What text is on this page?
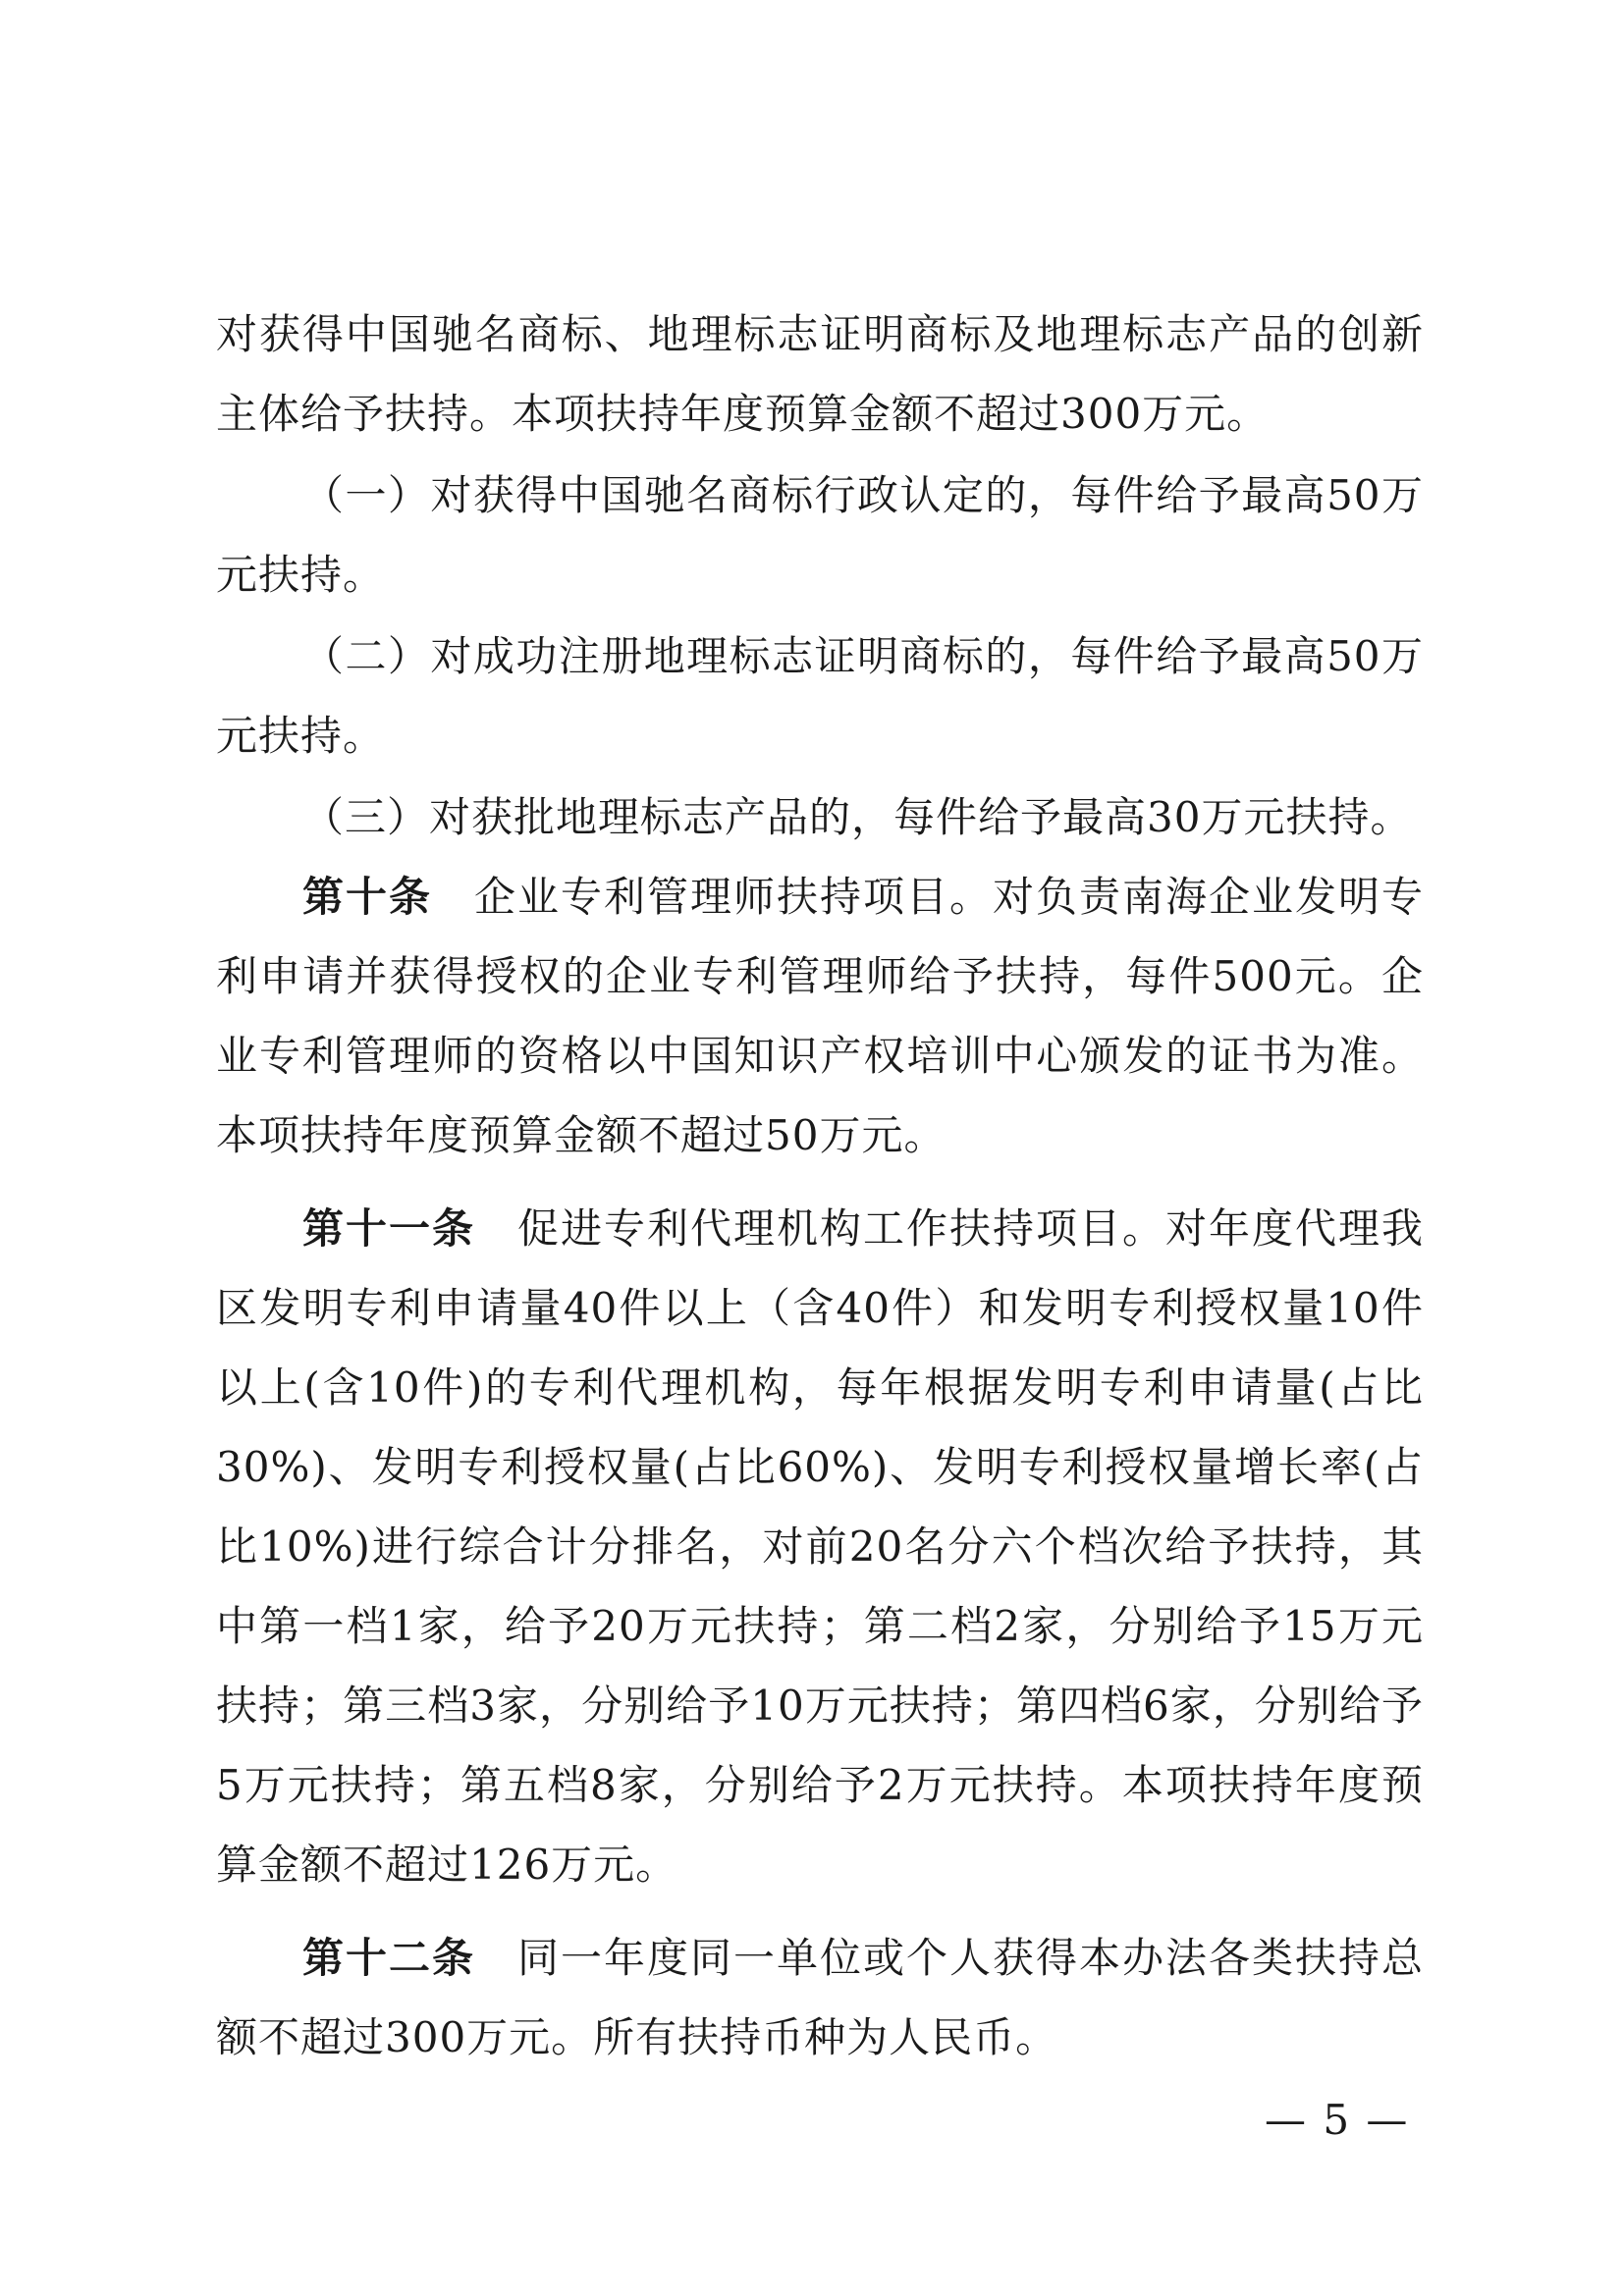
对获得中国驰名商标、地理标志证明商标及地理标志产品的创新主体给予扶持。本项扶持年度预算金额不超过300万元。

（一）对获得中国驰名商标行政认定的，每件给予最高50万元扶持。

（二）对成功注册地理标志证明商标的，每件给予最高50万元扶持。

（三）对获批地理标志产品的，每件给予最高30万元扶持。

第十条 企业专利管理师扶持项目。对负责南海企业发明专利申请并获得授权的企业专利管理师给予扶持，每件500元。企业专利管理师的资格以中国知识产权培训中心颁发的证书为准。本项扶持年度预算金额不超过50万元。

第十一条 促进专利代理机构工作扶持项目。对年度代理我区发明专利申请量40件以上（含40件）和发明专利授权量10件以上(含10件)的专利代理机构，每年根据发明专利申请量(占比30%)、发明专利授权量(占比60%)、发明专利授权量增长率(占比10%)进行综合计分排名，对前20名分六个档次给予扶持，其中第一档1家，给予20万元扶持；第二档2家，分别给予15万元扶持；第三档3家，分别给予10万元扶持；第四档6家，分别给予5万元扶持；第五档8家，分别给予2万元扶持。本项扶持年度预算金额不超过126万元。

第十二条 同一年度同一单位或个人获得本办法各类扶持总额不超过300万元。所有扶持币种为人民币。

— 5 —
